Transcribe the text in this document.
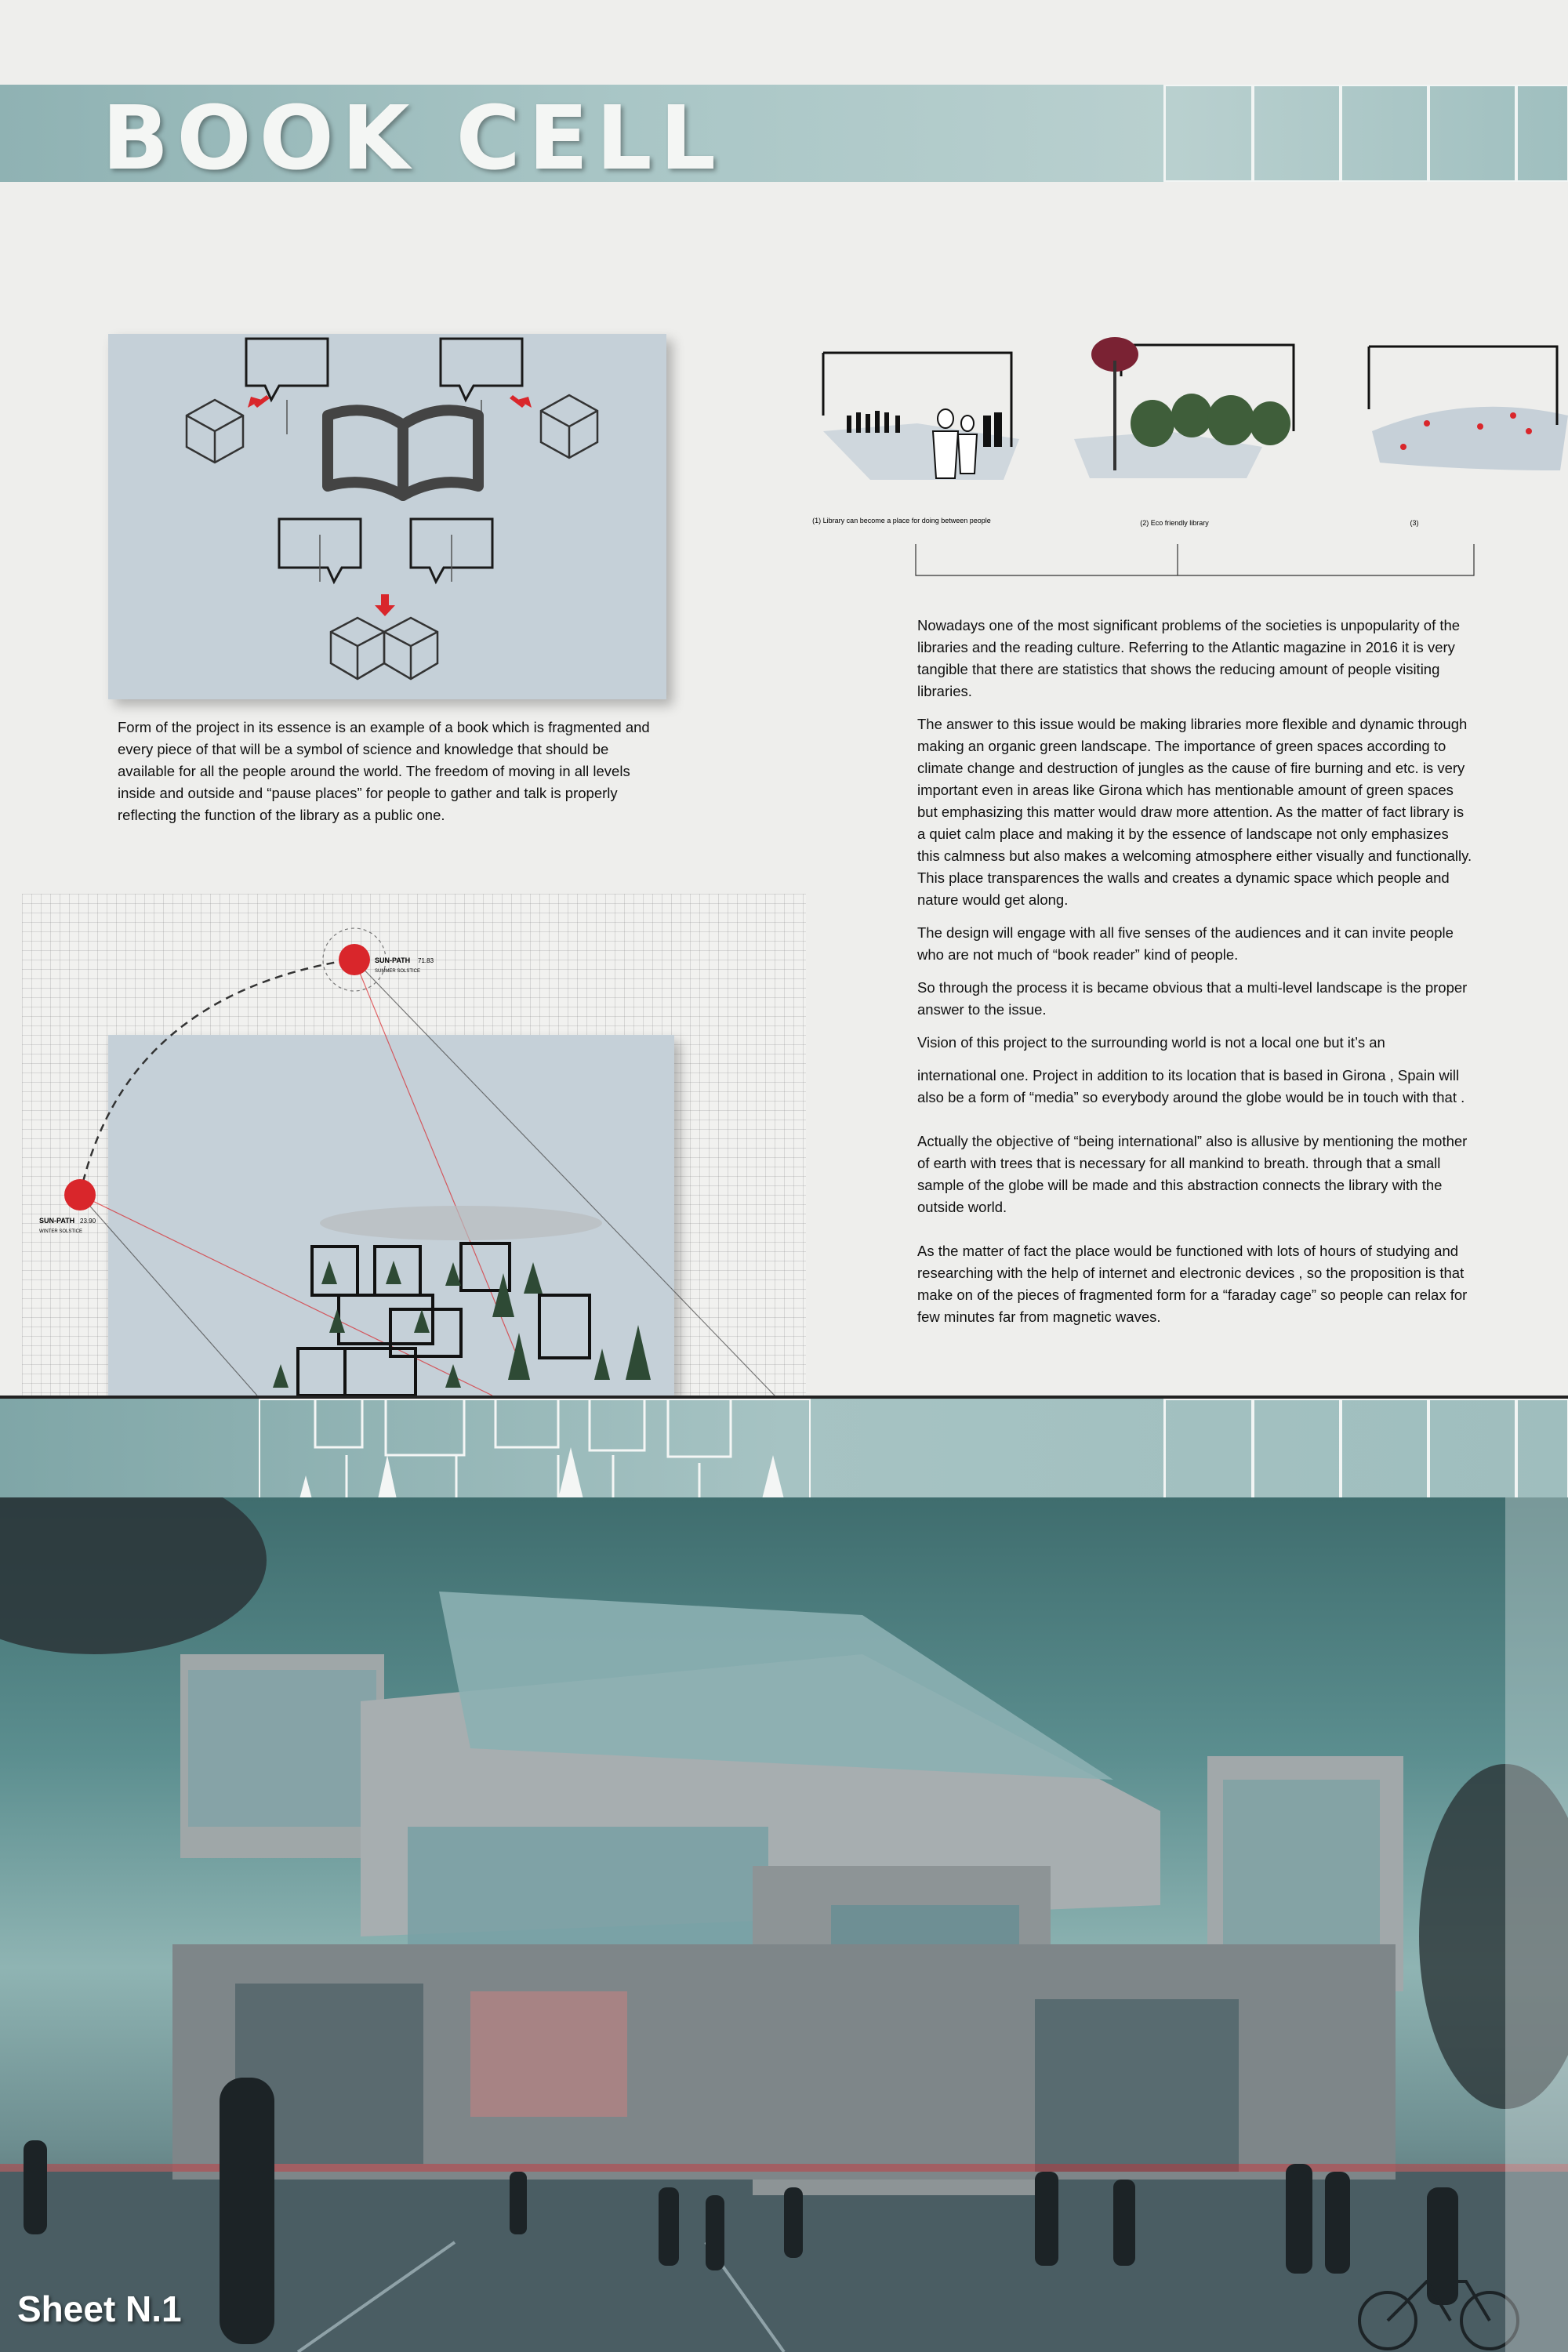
BOOK CELL
Form of the project in its essence is an example of a book which is fragmented and every piece of that will be a symbol of science and knowledge that should be available for all the people around the world. The freedom of moving in all levels inside and outside and “pause places” for people to gather and talk is properly reflecting the function of the library as a public one.
(1) Library can become a place for doing between people	(2) Eco friendly library	(3)

Nowadays one of the most significant problems of the societies is unpopularity of the libraries and the reading culture. Referring to the Atlantic magazine in 2016 it is very tangible that there are statistics that shows the reducing amount of people visiting libraries.

The answer to this issue would be making libraries more flexible and dynamic through making an organic green landscape. The importance of green spaces according to climate change and destruction of jungles as the cause of fire burning and etc. is very important even in areas like Girona which has mentionable amount of green spaces but emphasizing this matter would draw more attention. As the matter of fact library is a quiet calm place and making it by the essence of landscape not only emphasizes this calmness but also makes a welcoming atmosphere either visually and functionally. This place transparences the walls and creates a dynamic space which people and nature would get along.

The design will engage with all five senses of the audiences and it can invite people who are not much of “book reader” kind of people.

So through the process it is became obvious that a multi-level landscape is the proper answer to the issue.

Vision of this project to the surrounding world is not a local one but it’s an

international one. Project in addition to its location that is based in Girona , Spain will also be a form of “media” so everybody around the globe would be in touch with that .

Actually the objective of “being international” also is allusive by mentioning the mother of earth with trees that is necessary for all mankind to breath. through that a small sample of the globe will be made and this abstraction connects the library with the outside world.

As the matter of fact the place would be functioned with lots of hours of studying and researching with the help of internet and electronic devices , so the proposition is that make on of the pieces of fragmented form for a “faraday cage” so people can relax for few minutes far from magnetic waves.

SUN-PATH 71.83
SUMMER SOLSTICE
SUN-PATH 23.90
WINTER SOLSTICE
Sheet N.1
